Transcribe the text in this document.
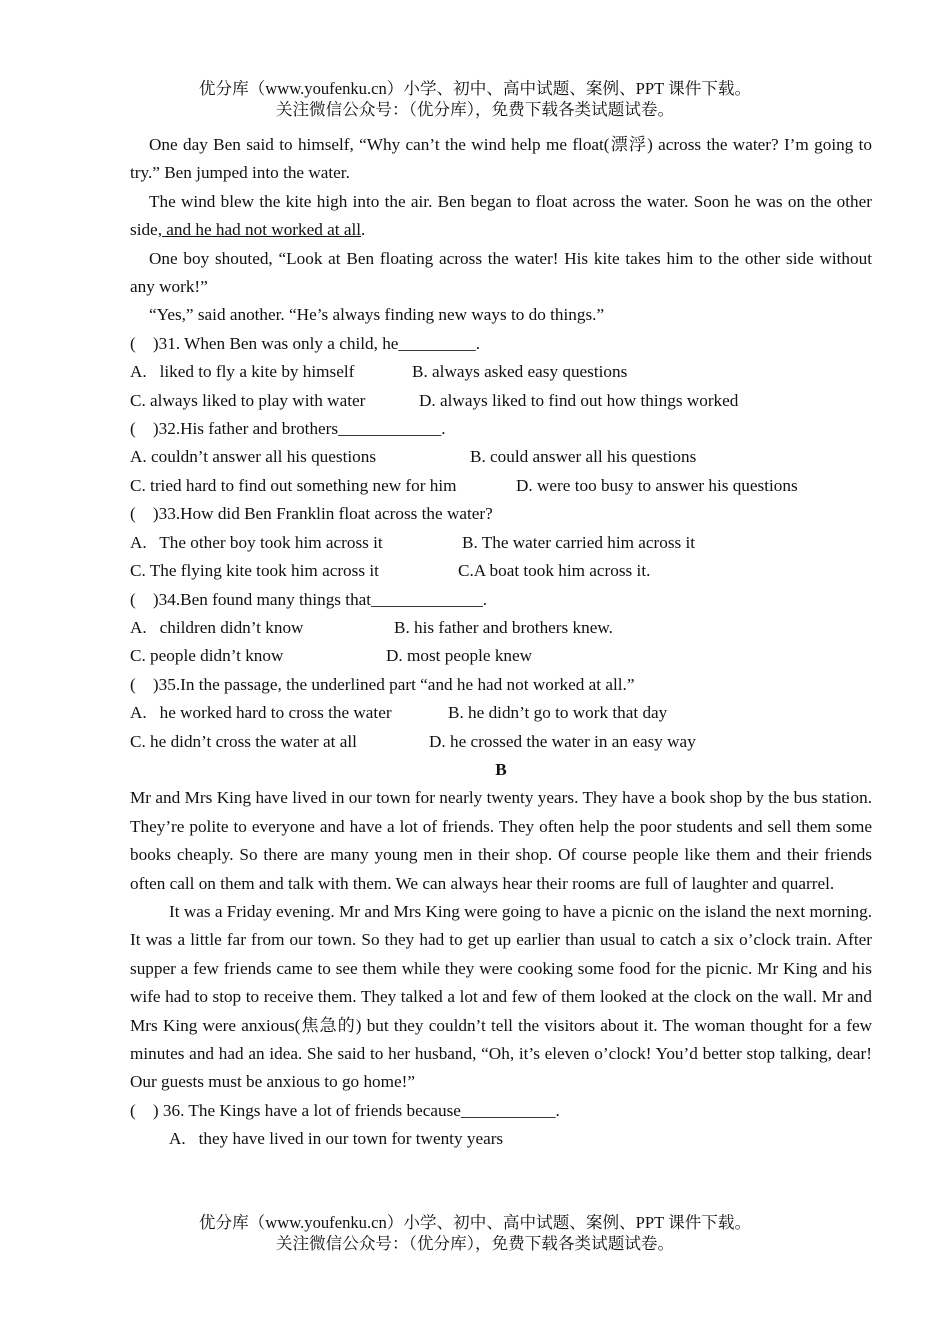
优分库（www.youfenku.cn）小学、初中、高中试题、案例、PPT 课件下载。
关注微信公众号：（优分库），免费下载各类试题试卷。

One day Ben said to himself, “Why can’t the wind help me float(漂浮) across the water? I’m going to try.” Ben jumped into the water.

The wind blew the kite high into the air. Ben began to float across the water. Soon he was on the other side, and he had not worked at all.

One boy shouted, “Look at Ben floating across the water! His kite takes him to the other side without any work!”

“Yes,” said another. “He’s always finding new ways to do things.”

(    )31. When Ben was only a child, he_________.

A.   liked to fly a kite by himself	B. always asked easy questions

C. always liked to play with water	D. always liked to find out how things worked

(    )32.His father and brothers____________.

A. couldn’t answer all his questions	B. could answer all his questions

C. tried hard to find out something new for him	D. were too busy to answer his questions

(    )33.How did Ben Franklin float across the water?

A.   The other boy took him across it	B. The water carried him across it

C. The flying kite took him across it	C.A boat took him across it.

(    )34.Ben found many things that_____________.

A.   children didn’t know	B. his father and brothers knew.

C. people didn’t know	D. most people knew

(    )35.In the passage, the underlined part “and he had not worked at all.”

A.   he worked hard to cross the water	B. he didn’t go to work that day

C. he didn’t cross the water at all	D. he crossed the water in an easy way

B

Mr and Mrs King have lived in our town for nearly twenty years. They have a book shop by the bus station. They’re polite to everyone and have a lot of friends. They often help the poor students and sell them some books cheaply. So there are many young men in their shop. Of course people like them and their friends often call on them and talk with them. We can always hear their rooms are full of laughter and quarrel.

It was a Friday evening. Mr and Mrs King were going to have a picnic on the island the next morning. It was a little far from our town. So they had to get up earlier than usual to catch a six o’clock train. After supper a few friends came to see them while they were cooking some food for the picnic. Mr King and his wife had to stop to receive them. They talked a lot and few of them looked at the clock on the wall. Mr and Mrs King were anxious(焦急的) but they couldn’t tell the visitors about it. The woman thought for a few minutes and had an idea. She said to her husband, “Oh, it’s eleven o’clock! You’d better stop talking, dear! Our guests must be anxious to go home!”

(    ) 36. The Kings have a lot of friends because___________.

A.   they have lived in our town for twenty years

优分库（www.youfenku.cn）小学、初中、高中试题、案例、PPT 课件下载。
关注微信公众号：（优分库），免费下载各类试题试卷。
